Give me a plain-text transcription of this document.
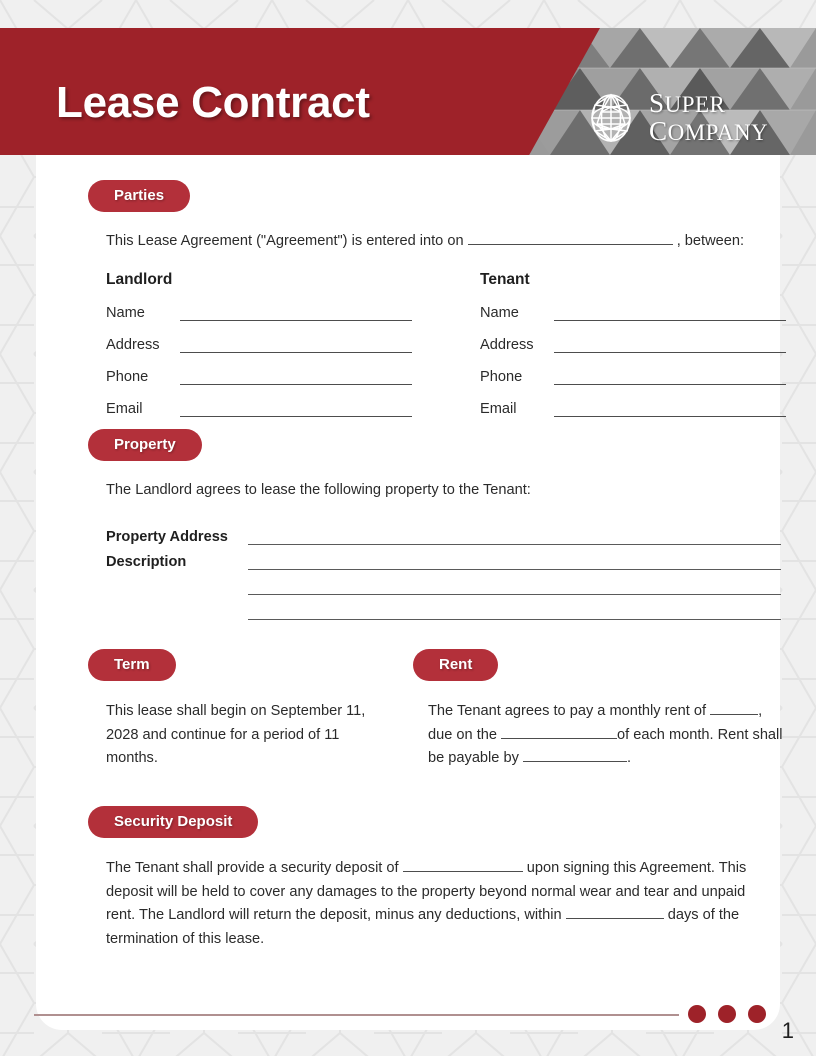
Lease Contract	SUPER
COMPANY
Parties
This Lease Agreement ("Agreement") is entered into on	, between:
Landlord
Name
Address
Phone
Email
Tenant
Name
Address
Phone
Email
Property
The Landlord agrees to lease the following property to the Tenant:
Property Address
Description
Term
This lease shall begin on September 11, 2028 and continue for a period of 11 months.
Rent
The Tenant agrees to pay a monthly rent of	, due on the	of each month. Rent shall be payable by	.
Security Deposit
The Tenant shall provide a security deposit of	upon signing this Agreement. This deposit will be held to cover any damages to the property beyond normal wear and tear and unpaid rent. The Landlord will return the deposit, minus any deductions, within	days of the termination of this lease.
1
